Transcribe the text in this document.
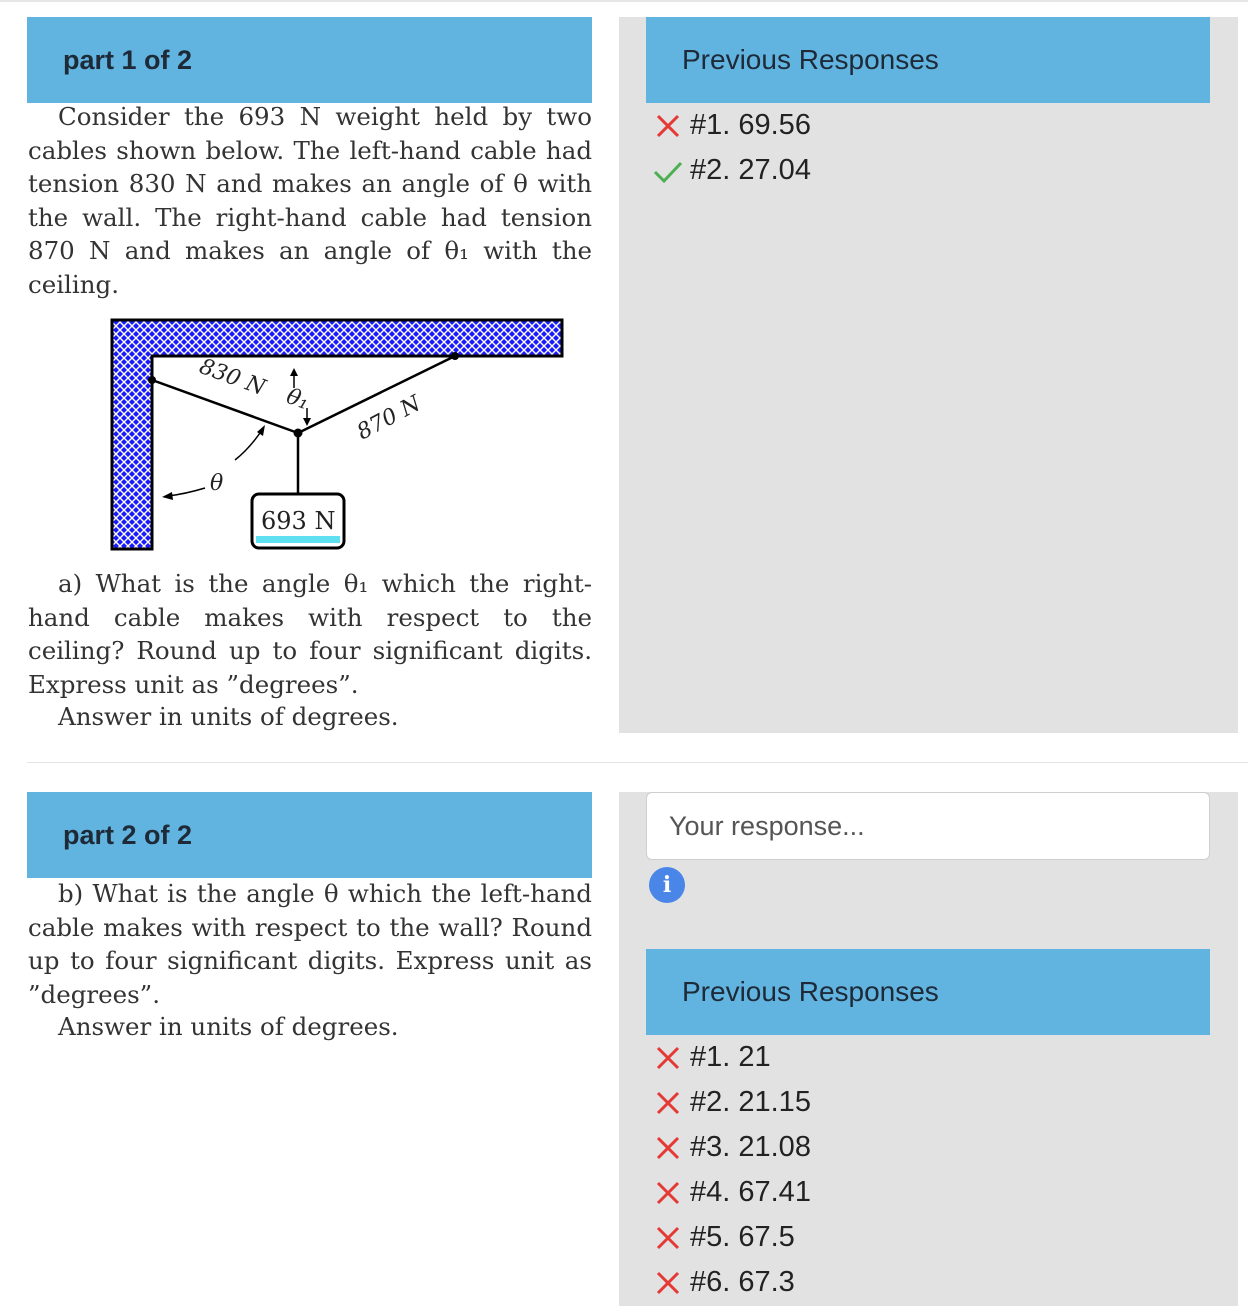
part 1 of 2

Consider the 693 N weight held by two cables shown below. The left-hand cable had tension 830 N and makes an angle of θ with the wall. The right-hand cable had tension 870 N and makes an angle of θ₁ with the ceiling.

830 N θ₁ 870 N
θ
693 N

a) What is the angle θ₁ which the right-hand cable makes with respect to the ceiling? Round up to four significant digits. Express unit as ”degrees”.

Answer in units of degrees.
Previous Responses
#1. 69.56
#2. 27.04
part 2 of 2

b) What is the angle θ which the left-hand cable makes with respect to the wall? Round up to four significant digits. Express unit as ”degrees”.

Answer in units of degrees.
Your response...
i
Previous Responses
#1. 21
#2. 21.15
#3. 21.08
#4. 67.41
#5. 67.5
#6. 67.3
